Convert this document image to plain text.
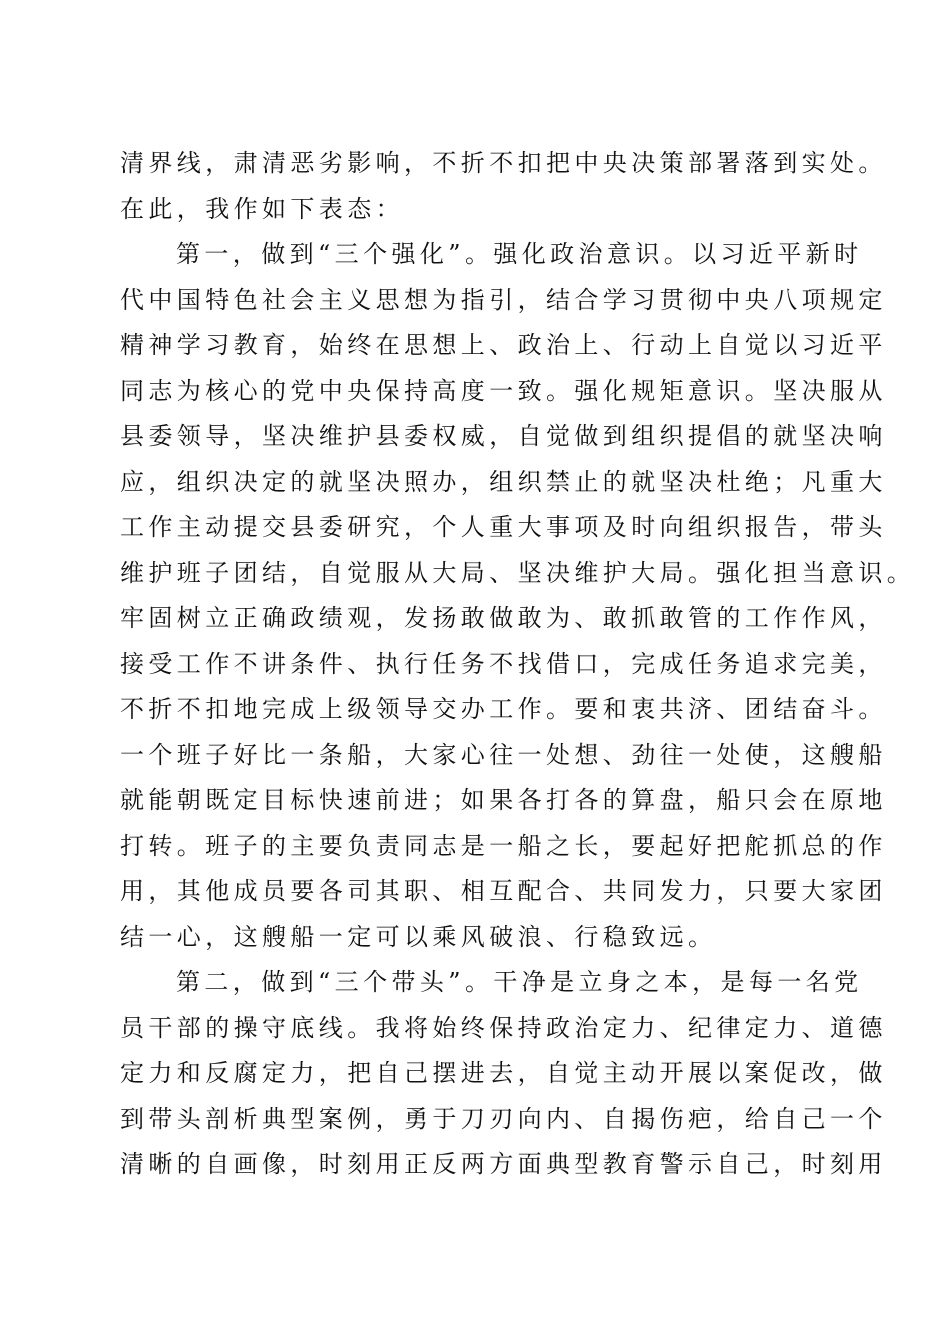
清界线，肃清恶劣影响，不折不扣把中央决策部署落到实处。
在此，我作如下表态：
第一，做到“三个强化”。强化政治意识。以习近平新时
代中国特色社会主义思想为指引，结合学习贯彻中央八项规定
精神学习教育，始终在思想上、政治上、行动上自觉以习近平
同志为核心的党中央保持高度一致。强化规矩意识。坚决服从
县委领导，坚决维护县委权威，自觉做到组织提倡的就坚决响
应，组织决定的就坚决照办，组织禁止的就坚决杜绝；凡重大
工作主动提交县委研究，个人重大事项及时向组织报告，带头
维护班子团结，自觉服从大局、坚决维护大局。强化担当意识。
牢固树立正确政绩观，发扬敢做敢为、敢抓敢管的工作作风，
接受工作不讲条件、执行任务不找借口，完成任务追求完美，
不折不扣地完成上级领导交办工作。要和衷共济、团结奋斗。
一个班子好比一条船，大家心往一处想、劲往一处使，这艘船
就能朝既定目标快速前进；如果各打各的算盘，船只会在原地
打转。班子的主要负责同志是一船之长，要起好把舵抓总的作
用，其他成员要各司其职、相互配合、共同发力，只要大家团
结一心，这艘船一定可以乘风破浪、行稳致远。
第二，做到“三个带头”。干净是立身之本，是每一名党
员干部的操守底线。我将始终保持政治定力、纪律定力、道德
定力和反腐定力，把自己摆进去，自觉主动开展以案促改，做
到带头剖析典型案例，勇于刀刃向内、自揭伤疤，给自己一个
清晰的自画像，时刻用正反两方面典型教育警示自己，时刻用
